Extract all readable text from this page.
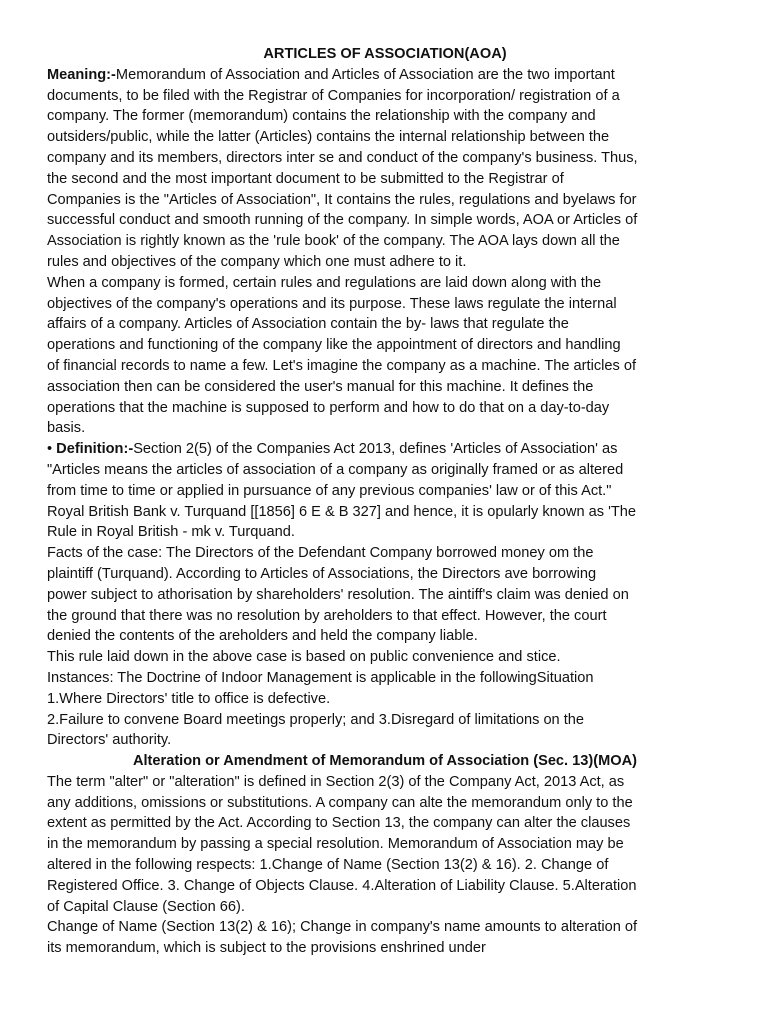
ARTICLES OF ASSOCIATION(AOA)
Meaning:-Memorandum of Association and Articles of Association are the two important
documents, to be filed with the Registrar of Companies for incorporation/ registration of a
company. The former (memorandum) contains the relationship with the company and
outsiders/public, while the latter (Articles) contains the internal relationship between the
company and its members, directors inter se and conduct of the company's business. Thus,
the second and the most important document to be submitted to the Registrar of
Companies is the "Articles of Association", It contains the rules, regulations and byelaws for
successful conduct and smooth running of the company. In simple words, AOA or Articles of
Association is rightly known as the 'rule book' of the company. The AOA lays down all the
rules and objectives of the company which one must adhere to it.
When a company is formed, certain rules and regulations are laid down along with the
objectives of the company's operations and its purpose. These laws regulate the internal
affairs of a company. Articles of Association contain the by- laws that regulate the
operations and functioning of the company like the appointment of directors and handling
of financial records to name a few. Let's imagine the company as a machine. The articles of
association then can be considered the user's manual for this machine. It defines the
operations that the machine is supposed to perform and how to do that on a day-to-day
basis.
• Definition:-Section 2(5) of the Companies Act 2013, defines 'Articles of Association' as
"Articles means the articles of association of a company as originally framed or as altered
from time to time or applied in pursuance of any previous companies' law or of this Act."
Royal British Bank v. Turquand [[1856] 6 E & B 327] and hence, it is opularly known as 'The
Rule in Royal British - mk v. Turquand.
Facts of the case: The Directors of the Defendant Company borrowed money om the
plaintiff (Turquand). According to Articles of Associations, the Directors ave borrowing
power subject to athorisation by shareholders' resolution. The aintiff's claim was denied on
the ground that there was no resolution by areholders to that effect. However, the court
denied the contents of the areholders and held the company liable.
This rule laid down in the above case is based on public convenience and stice.
Instances: The Doctrine of Indoor Management is applicable in the followingSituation
1.Where Directors' title to office is defective.
2.Failure to convene Board meetings properly; and 3.Disregard of limitations on the
Directors' authority.
Alteration or Amendment of Memorandum of Association (Sec. 13)(MOA)
The term "alter" or "alteration" is defined in Section 2(3) of the Company Act, 2013 Act, as
any additions, omissions or substitutions. A company can alte the memorandum only to the
extent as permitted by the Act. According to Section 13, the company can alter the clauses
in the memorandum by passing a special resolution. Memorandum of Association may be
altered in the following respects: 1.Change of Name (Section 13(2) & 16). 2. Change of
Registered Office. 3. Change of Objects Clause. 4.Alteration of Liability Clause. 5.Alteration
of Capital Clause (Section 66).
Change of Name (Section 13(2) & 16); Change in company's name amounts to alteration of
its memorandum, which is subject to the provisions enshrined under
